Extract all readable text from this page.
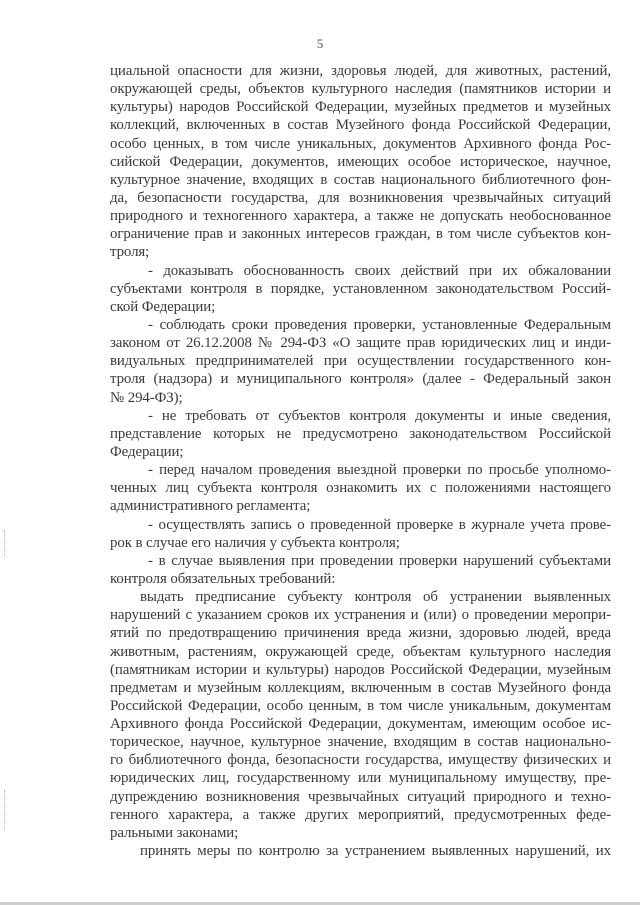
5
циальной опасности для жизни, здоровья людей, для животных, растений,
окружающей среды, объектов культурного наследия (памятников истории и
культуры) народов Российской Федерации, музейных предметов и музейных
коллекций, включенных в состав Музейного фонда Российской Федерации,
особо ценных, в том числе уникальных, документов Архивного фонда Рос-
сийской Федерации, документов, имеющих особое историческое, научное,
культурное значение, входящих в состав национального библиотечного фон-
да, безопасности государства, для возникновения чрезвычайных ситуаций
природного и техногенного характера, а также не допускать необоснованное
ограничение прав и законных интересов граждан, в том числе субъектов кон-
троля;
- доказывать обоснованность своих действий при их обжаловании
субъектами контроля в порядке, установленном законодательством Россий-
ской Федерации;
- соблюдать сроки проведения проверки, установленные Федеральным
законом от 26.12.2008 № 294-ФЗ «О защите прав юридических лиц и инди-
видуальных предпринимателей при осуществлении государственного кон-
троля (надзора) и муниципального контроля» (далее - Федеральный закон
№ 294-ФЗ);
- не требовать от субъектов контроля документы и иные сведения,
представление которых не предусмотрено законодательством Российской
Федерации;
- перед началом проведения выездной проверки по просьбе уполномо-
ченных лиц субъекта контроля ознакомить их с положениями настоящего
административного регламента;
- осуществлять запись о проведенной проверке в журнале учета прове-
рок в случае его наличия у субъекта контроля;
- в случае выявления при проведении проверки нарушений субъектами
контроля обязательных требований:
выдать предписание субъекту контроля об устранении выявленных
нарушений с указанием сроков их устранения и (или) о проведении меропри-
ятий по предотвращению причинения вреда жизни, здоровью людей, вреда
животным, растениям, окружающей среде, объектам культурного наследия
(памятникам истории и культуры) народов Российской Федерации, музейным
предметам и музейным коллекциям, включенным в состав Музейного фонда
Российской Федерации, особо ценным, в том числе уникальным, документам
Архивного фонда Российской Федерации, документам, имеющим особое ис-
торическое, научное, культурное значение, входящим в состав национально-
го библиотечного фонда, безопасности государства, имуществу физических и
юридических лиц, государственному или муниципальному имуществу, пре-
дупреждению возникновения чрезвычайных ситуаций природного и техно-
генного характера, а также других мероприятий, предусмотренных феде-
ральными законами;
принять меры по контролю за устранением выявленных нарушений, их
